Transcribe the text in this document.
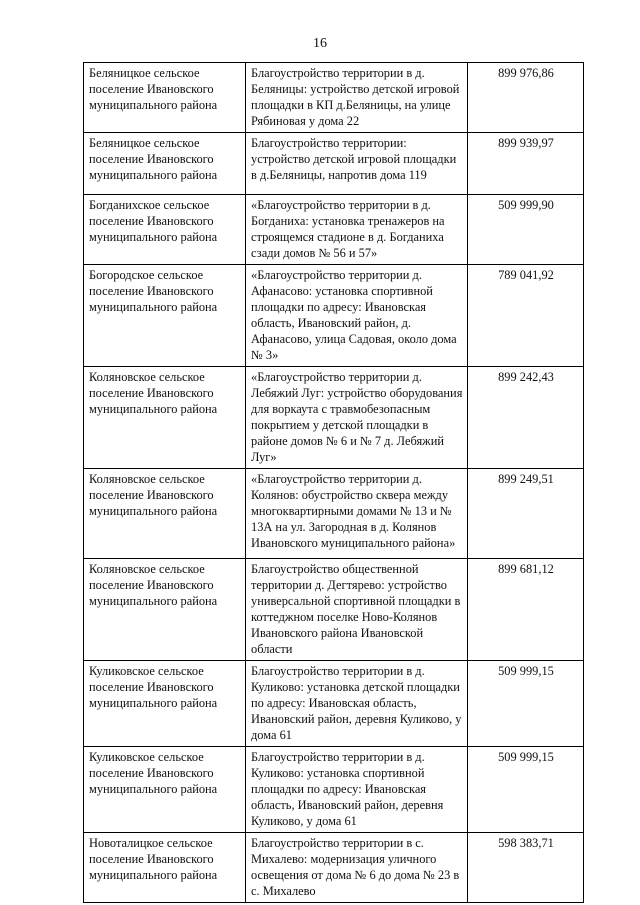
16
Беляницкое сельское поселение Ивановского муниципального района	Благоустройство территории в д. Беляницы: устройство детской игровой площадки в КП д.Беляницы, на улице Рябиновая у дома 22	899 976,86
Беляницкое сельское поселение Ивановского муниципального района	Благоустройство территории: устройство детской игровой площадки в д.Беляницы, напротив дома 119	899 939,97
Богданихское сельское поселение Ивановского муниципального района	«Благоустройство территории в д. Богданиха: установка тренажеров на строящемся стадионе в д. Богданиха сзади домов № 56 и 57»	509 999,90
Богородское сельское поселение Ивановского муниципального района	«Благоустройство территории д. Афанасово: установка спортивной площадки по адресу: Ивановская область, Ивановский район, д. Афанасово, улица Садовая, около дома № 3»	789 041,92
Коляновское сельское поселение Ивановского муниципального района	«Благоустройство территории д. Лебяжий Луг: устройство оборудования для воркаута с травмобезопасным покрытием у детской площадки в районе домов № 6 и № 7 д. Лебяжий Луг»	899 242,43
Коляновское сельское поселение Ивановского муниципального района	«Благоустройство территории д. Колянов: обустройство сквера между многоквартирными домами № 13 и № 13А на ул. Загородная в д. Колянов Ивановского муниципального района»	899 249,51
Коляновское сельское поселение Ивановского муниципального района	Благоустройство общественной территории д. Дегтярево: устройство универсальной спортивной площадки в коттеджном поселке Ново-Колянов Ивановского района Ивановской области	899 681,12
Куликовское сельское поселение Ивановского муниципального района	Благоустройство территории в д. Куликово: установка детской площадки по адресу: Ивановская область, Ивановский район, деревня Куликово, у дома 61	509 999,15
Куликовское сельское поселение Ивановского муниципального района	Благоустройство территории в д. Куликово: установка спортивной площадки по адресу: Ивановская область, Ивановский район, деревня Куликово, у дома 61	509 999,15
Новоталицкое сельское поселение Ивановского муниципального района	Благоустройство территории в с. Михалево: модернизация уличного освещения от дома № 6 до дома № 23 в с. Михалево	598 383,71
